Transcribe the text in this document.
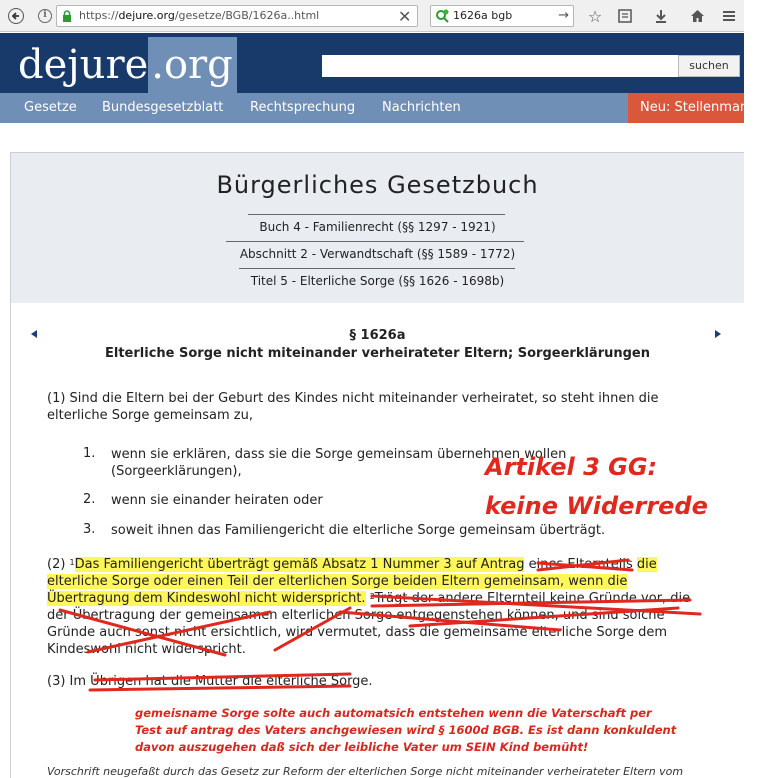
i	https://dejure.org/gesetze/BGB/1626a..html	✕	1626a bgb	→ ☆
dejure.org	suchen
Gesetze Bundesgesetzblatt Rechtsprechung Nachrichten	Neu: Stellenmarkt
Bürgerliches Gesetzbuch
Buch 4 - Familienrecht (§§ 1297 - 1921)
Abschnitt 2 - Verwandtschaft (§§ 1589 - 1772)
Titel 5 - Elterliche Sorge (§§ 1626 - 1698b)
§ 1626a
Elterliche Sorge nicht miteinander verheirateter Eltern; Sorgeerklärungen
(1) Sind die Eltern bei der Geburt des Kindes nicht miteinander verheiratet, so steht ihnen die
elterliche Sorge gemeinsam zu,
1. wenn sie erklären, dass sie die Sorge gemeinsam übernehmen wollen
(Sorgeerklärungen),
2. wenn sie einander heiraten oder
3. soweit ihnen das Familiengericht die elterliche Sorge gemeinsam überträgt.
(2) $^1$Das Familiengericht überträgt gemäß Absatz 1 Nummer 3 auf Antrag eines Elternteils die
elterliche Sorge oder einen Teil der elterlichen Sorge beiden Eltern gemeinsam, wenn die
Übertragung dem Kindeswohl nicht widerspricht. $^2$Trägt der andere Elternteil keine Gründe vor, die
der Übertragung der gemeinsamen elterlichen Sorge entgegenstehen können, und sind solche
Gründe auch sonst nicht ersichtlich, wird vermutet, dass die gemeinsame elterliche Sorge dem
Kindeswohl nicht widerspricht.
(3) Im Übrigen hat die Mutter die elterliche Sorge.
Artikel 3 GG:
keine Widerrede
gemeisname Sorge solte auch automatsich entstehen wenn die Vaterschaft per
Test auf antrag des Vaters anchgewiesen wird § 1600d BGB. Es ist dann konkuldent
davon auszugehen daß sich der leibliche Vater um SEIN Kind bemüht!
Vorschrift neugefaßt durch das Gesetz zur Reform der elterlichen Sorge nicht miteinander verheirateter Eltern vom
